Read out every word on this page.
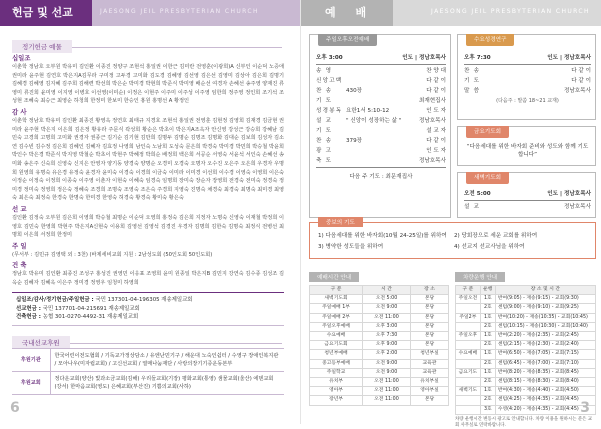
헌금 및 선교	JAESONG JEIL PRESBYTERIAN CHURCH
정기헌금 예물
십일조

이춘학 정남호 오부원 박유미 김인환 이종진 정양구 조현석 홍일권 이한근 김미란 전영훈(이광희)A 신부인 이순덕 노증애 권미라 윤주현 김연호 박은지A김무라 구미정 고두경 고미화 김도경 김혜영 김선영 김은선 김영미 김상아 김은희 김명기 김혜경 김혜영 김지혜 김주희 김해련 박선희 박은순 박미경 박현희 박준식 박미영 배순선 여경자 손혜선 송주영 양재진 류영미 류진희 윤미영 이지영 이병호 이선영(이미순) 이정은 이현주 이주미 이주성 이주영 임한희 정주영 정인희 조기석 조성현 조혜숙 최승근 최영순 하청희 한정미 한보미 한승인 홍원 홍명선 A 황정인

감 사

이춘학 정남호 박유미 김인환 최종진 황영옥 정연호 최태규 지경호 조현석 홍일권 전영훈 김현정 김영희 김재경 김금현 권미라 윤주현 박은지 이은희 김은정 황유라 주문식 곽성희 황순은 박초이 박은지A조옥자 안신영 강성근 강승희 강혜남 김민숙 고경희 고명희 고미화 권경자 권종근 김기순 김기현 김만희 김명두 김명순 김명조 김명화 김대순 김보희 김성자 김소연 김수빈 김수정 김은희 김혜인 김혜자 김효정 나영희 남인숙 노남희 도성숙 문은희 박경숙 박미경 박민희 박승철 박윤희 박인수 박은경 박준식 박지영 박철순 박초이 박현주 박혜정 박희순 배정희 백은희 서공순 서영숙 서윤석 서인숙 손혜선 송미화 송은주 신숙희 신영숙 신지은 안영자 양기동 양경숙 양명순 오경미 오경숙 오명자 오수진 오은주 오은희 우경자 우명희 원영희 유명숙 유은경 유정숙 윤경자 윤미숙 이경숙 이경희 이금숙 이미라 이미경 이선희 이수경 이영숙 이영희 이은숙 이정순 이정숙 이정희 이종숙 이주영 이춘자 이현숙 이혜숙 임경숙 임명희 장미숙 장순자 장영희 전경숙 전미숙 정경숙 정미경 정미숙 정영희 정은숙 정혜숙 조경희 조명숙 조영숙 조은숙 주경희 지영숙 진명숙 채경숙 최경숙 최명숙 최미경 최영숙 최은숙 최정숙 한경숙 한명숙 한미경 한영숙 허경숙 황경숙 황미숙 황은숙

선 교

김인환 김정숙 오부원 김은희 이영희 박승철 최명순 이순덕 오영희 홍정숙 김은희 지정자 노명숙 신영숙 이재철 박정희 이영호 김민숙 한영희 박현주 박은지A신현숙 이용희 김영선 김영석 김경진 우경자 김명희 김한숙 김명숙 최정식 전병선 최명희 이은희 서정희 한정미

주 일

(무서부 : 김민규 김영택 외 : 3천) (바제세비교회 지원 : 2남성도회 (50인도회 50인도회)

건 축

정남호 박유미 김인환 최종진 조성구 홍성진 권영민 이응표 조영희 윤미 원종일 박은지B 김민지 강연숙 김수종 김성조 김옥순 김혜자 김혜옥 이은주 정미경 정영우 임청미 하영희

십일조/감사/정기헌금/주일헌금 : 국민 137301-04-196305 재송제일교회
선교헌금 : 국민 137701-04-215691 재송제일교회
건축헌금 : 농협 301-0270-4492-31 재송제일교회
국내선교후원
후원기관	한국어린이전도협회 / 기독교가정상담소 / 유엔난민기구 / 해운대 노숙인쉼터 / 수영구 장애인복지관 / 모아나우(미자립교회) / 고신선교회 / 열매나눔재단 / 사랑의장기기증운동본부
후원교회	정다운교회(양산) 빛과소금교회(김해) 우리들교회(기장) 평화교회(통영) 샘물교회(울산) 에덴교회(강서) 한마음교회(영도) 은혜교회(부산진) 기쁨의교회(사하)
6
예 배	JAESONG JEIL PRESBYTERIAN CHURCH
주일오후오전예배
오후 3:00	인도 | 정남호목사
송 영	찬 양 대
신앙고백	다 같 이
찬 송	430장	다 같 이
기 도	최재현집사
성경봉독 요한1서 5:10-12	인 도 자
설 교	" 신앙이 성장하는 삶 "	정남호목사
기 도	설 교 자
찬 송	379장	다 같 이
광 고	인 도 자
축 도	정남호목사
다음 주 기도 : 최문재집사
수요성경연구
오후 7:30	인도 | 정남호목사
찬 송	다 같 이
기 도	다 같 이
말 씀	정남호목사
(다음주 : 말씀 18~21 교재)
금요기도회
“다음세대를 위한 바자회 준비와 성도와 함께 기도합니다”
새벽기도회
오전 5:00	인도 | 정남호목사
설 교	정남호목사
중보의 기도
1) 다음세대를 위한 바자회(10월 24-25일)를 위하여 2) 당회장으로 세운 교회를 위하여3) 병약한 성도들을 위하여	4) 선교지 선교사님을 위하여
예배시간 안내
구 분	시 간	장 소
새벽기도회	오전 5:00	본당
주일예배 1부	오전 9:00	본당
주일예배 2부	오전 11:00	본당
주일오후예배	오후 3:00	본당
수요예배	오후 7:30	본당
금요기도회	오후 9:00	본당
청년부예배	오후 2:00	청년부실
중고등부예배	오전 9:00	교육관
주일학교	오전 9:00	교육관
유치부	오전 11:00	유치부실
영아부	오전 11:00	영아부실
장년부	오전 11:00	본당
차량운행 안내
구 분	운행	장 소 및 시 간
주일오전	1호	반여(9:05) - 재송(9:15) - 교회(9:30)
	2호	센텀(9:00) - 재송(9:10) - 교회(9:25)
주일2부	1호	반여(10:20) - 재송(10:35) - 교회(10:45)
	2호	센텀(10:15) - 재송(10:30) - 교회(10:40)
주일오후	1호	반여(2:20) - 재송(2:35) - 교회(2:45)
	2호	센텀(2:15) - 재송(2:30) - 교회(2:40)
수요예배	1호	반여(6:50) - 재송(7:05) - 교회(7:15)
	2호	센텀(6:45) - 재송(7:00) - 교회(7:10)
금요기도	1호	반여(8:20) - 재송(8:35) - 교회(8:45)
	2호	센텀(8:15) - 재송(8:30) - 교회(8:40)
새벽기도	1호	반여(4:30) - 재송(4:40) - 교회(4:50)
	2호	센텀(4:25) - 재송(4:35) - 교회(4:45)
	3호	수영(4:20) - 재송(4:35) - 교회(4:45)
차량 운행시간 변동시 광고로 안내합니다. 차량 이용을 원하시는 분은 교회 사무실로 연락바랍니다.
3
